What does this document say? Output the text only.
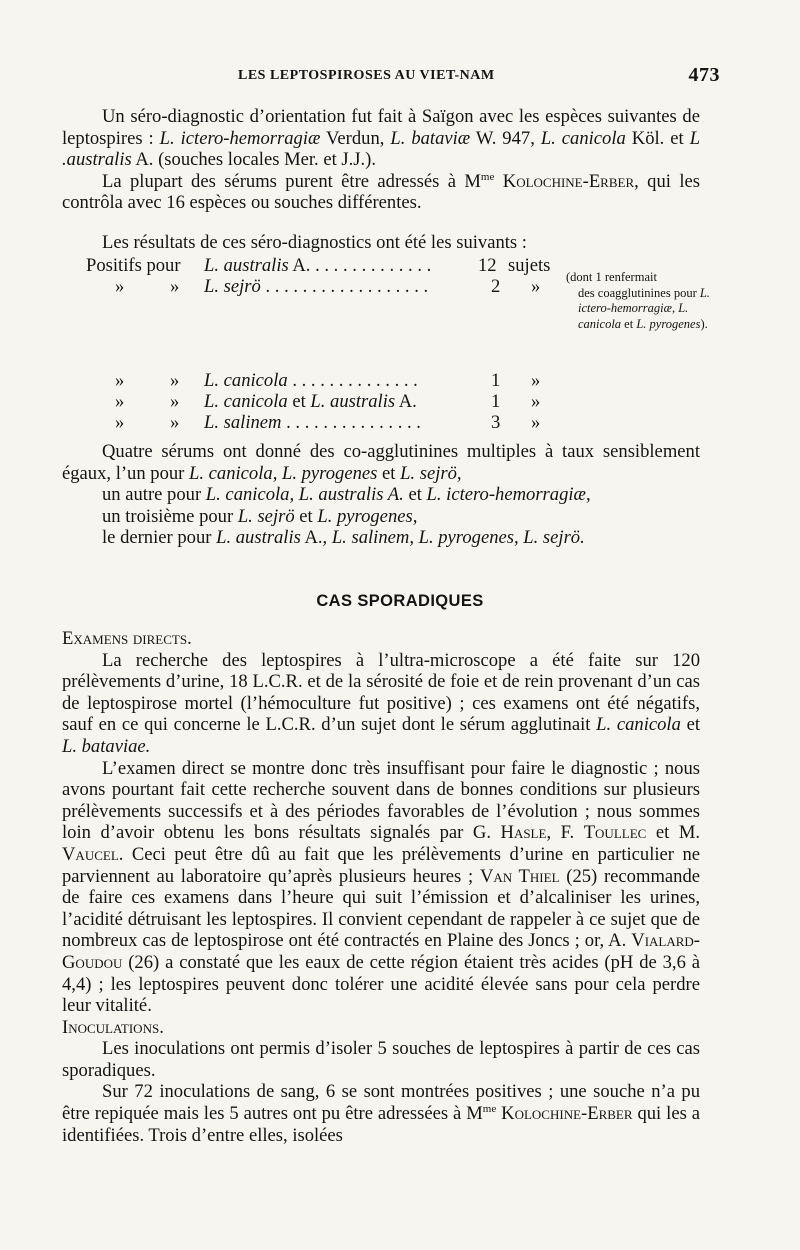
LES LEPTOSPIROSES AU VIET-NAM	473

Un séro-diagnostic d’orientation fut fait à Saïgon avec les espèces suivantes de leptospires : L. ictero-hemorragiæ Verdun, L. bataviæ W. 947, L. canicola Köl. et L .australis A. (souches locales Mer. et J.J.).

La plupart des sérums purent être adressés à $M^{me}$ Kolochine-Erber, qui les contrôla avec 16 espèces ou souches différentes.

Les résultats de ces séro-diagnostics ont été les suivants :

Positifs pour L. australis A. . . . . . . . . . . . . .	12 sujets
» » L. sejrö . . . . . . . . . . . . . . . . . .	2 » (dont 1 renfermait
des coagglutinines pour L. ictero-hemorragiæ, L. canicola et L. pyrogenes).
» » L. canicola . . . . . . . . . . . . . .	1 »
» » L. canicola et L. australis A.	1 »
» » L. salinem . . . . . . . . . . . . . . .	3 »

Quatre sérums ont donné des co-agglutinines multiples à taux sensiblement égaux, l’un pour L. canicola, L. pyrogenes et L. sejrö,

un autre pour L. canicola, L. australis A. et L. ictero-hemorragiæ,

un troisième pour L. sejrö et L. pyrogenes,

le dernier pour L. australis A., L. salinem, L. pyrogenes, L. sejrö.

CAS SPORADIQUES

Examens directs.

La recherche des leptospires à l’ultra-microscope a été faite sur 120 prélèvements d’urine, 18 L.C.R. et de la sérosité de foie et de rein provenant d’un cas de leptospirose mortel (l’hémoculture fut positive) ; ces examens ont été négatifs, sauf en ce qui concerne le L.C.R. d’un sujet dont le sérum agglutinait L. canicola et L. bataviae.

L’examen direct se montre donc très insuffisant pour faire le diagnostic ; nous avons pourtant fait cette recherche souvent dans de bonnes conditions sur plusieurs prélèvements successifs et à des périodes favorables de l’évolution ; nous sommes loin d’avoir obtenu les bons résultats signalés par G. Hasle, F. Toullec et M. Vaucel. Ceci peut être dû au fait que les prélèvements d’urine en particulier ne parviennent au laboratoire qu’après plusieurs heures ; Van Thiel (25) recommande de faire ces examens dans l’heure qui suit l’émission et d’alcaliniser les urines, l’acidité détruisant les leptospires. Il convient cependant de rappeler à ce sujet que de nombreux cas de leptospirose ont été contractés en Plaine des Joncs ; or, A. Vialard-Goudou (26) a constaté que les eaux de cette région étaient très acides (pH de 3,6 à 4,4) ; les leptospires peuvent donc tolérer une acidité élevée sans pour cela perdre leur vitalité.

Inoculations.

Les inoculations ont permis d’isoler 5 souches de leptospires à partir de ces cas sporadiques.

Sur 72 inoculations de sang, 6 se sont montrées positives ; une souche n’a pu être repiquée mais les 5 autres ont pu être adressées à $M^{me}$ Kolochine-Erber qui les a identifiées. Trois d’entre elles, isolées
